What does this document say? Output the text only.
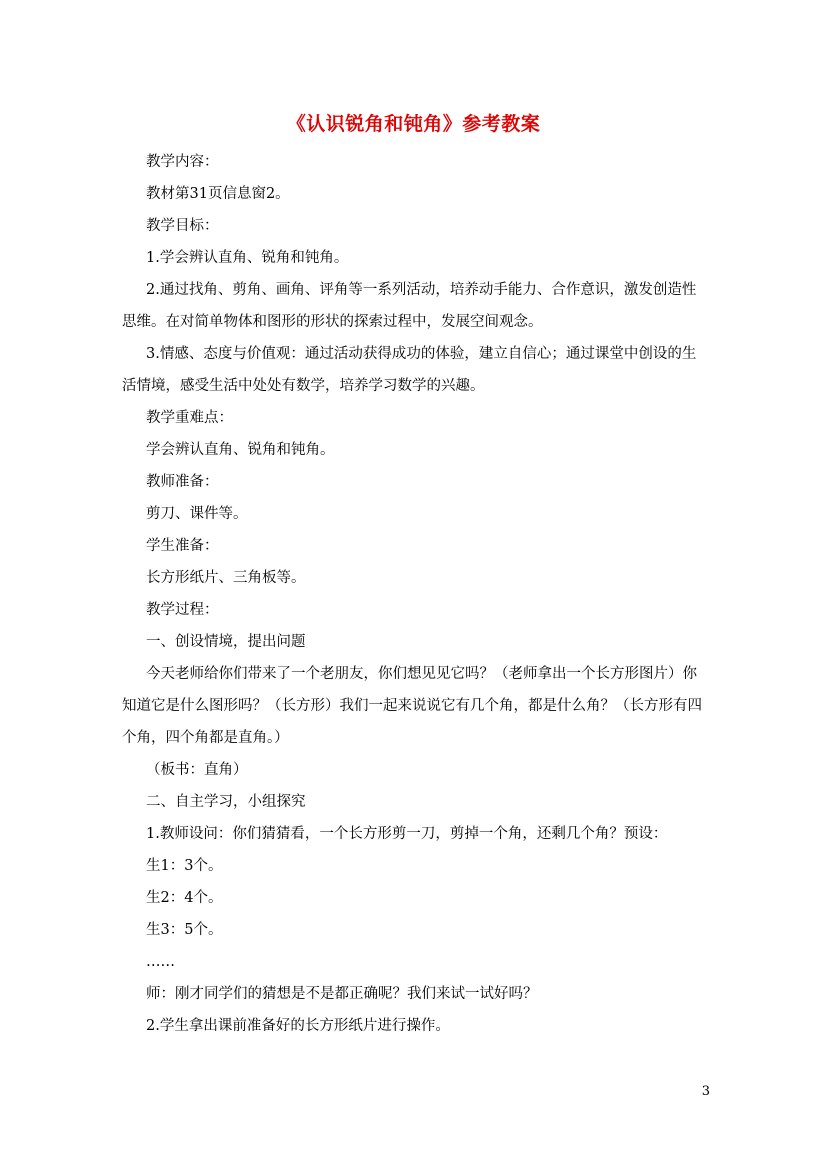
《认识锐角和钝角》参考教案

教学内容：

教材第31页信息窗2。

教学目标：

1.学会辨认直角、锐角和钝角。

2.通过找角、剪角、画角、评角等一系列活动，培养动手能力、合作意识，激发创造性思维。在对简单物体和图形的形状的探索过程中，发展空间观念。

3.情感、态度与价值观：通过活动获得成功的体验，建立自信心；通过课堂中创设的生活情境，感受生活中处处有数学，培养学习数学的兴趣。

教学重难点：

学会辨认直角、锐角和钝角。

教师准备：

剪刀、课件等。

学生准备：

长方形纸片、三角板等。

教学过程：

一、创设情境，提出问题

今天老师给你们带来了一个老朋友，你们想见见它吗？（老师拿出一个长方形图片）你知道它是什么图形吗？（长方形）我们一起来说说它有几个角，都是什么角？（长方形有四个角，四个角都是直角。）

（板书：直角）

二、自主学习，小组探究

1.教师设问：你们猜猜看，一个长方形剪一刀，剪掉一个角，还剩几个角？预设：

生1：3个。

生2：4个。

生3：5个。

……

师：刚才同学们的猜想是不是都正确呢？我们来试一试好吗？

2.学生拿出课前准备好的长方形纸片进行操作。

3
